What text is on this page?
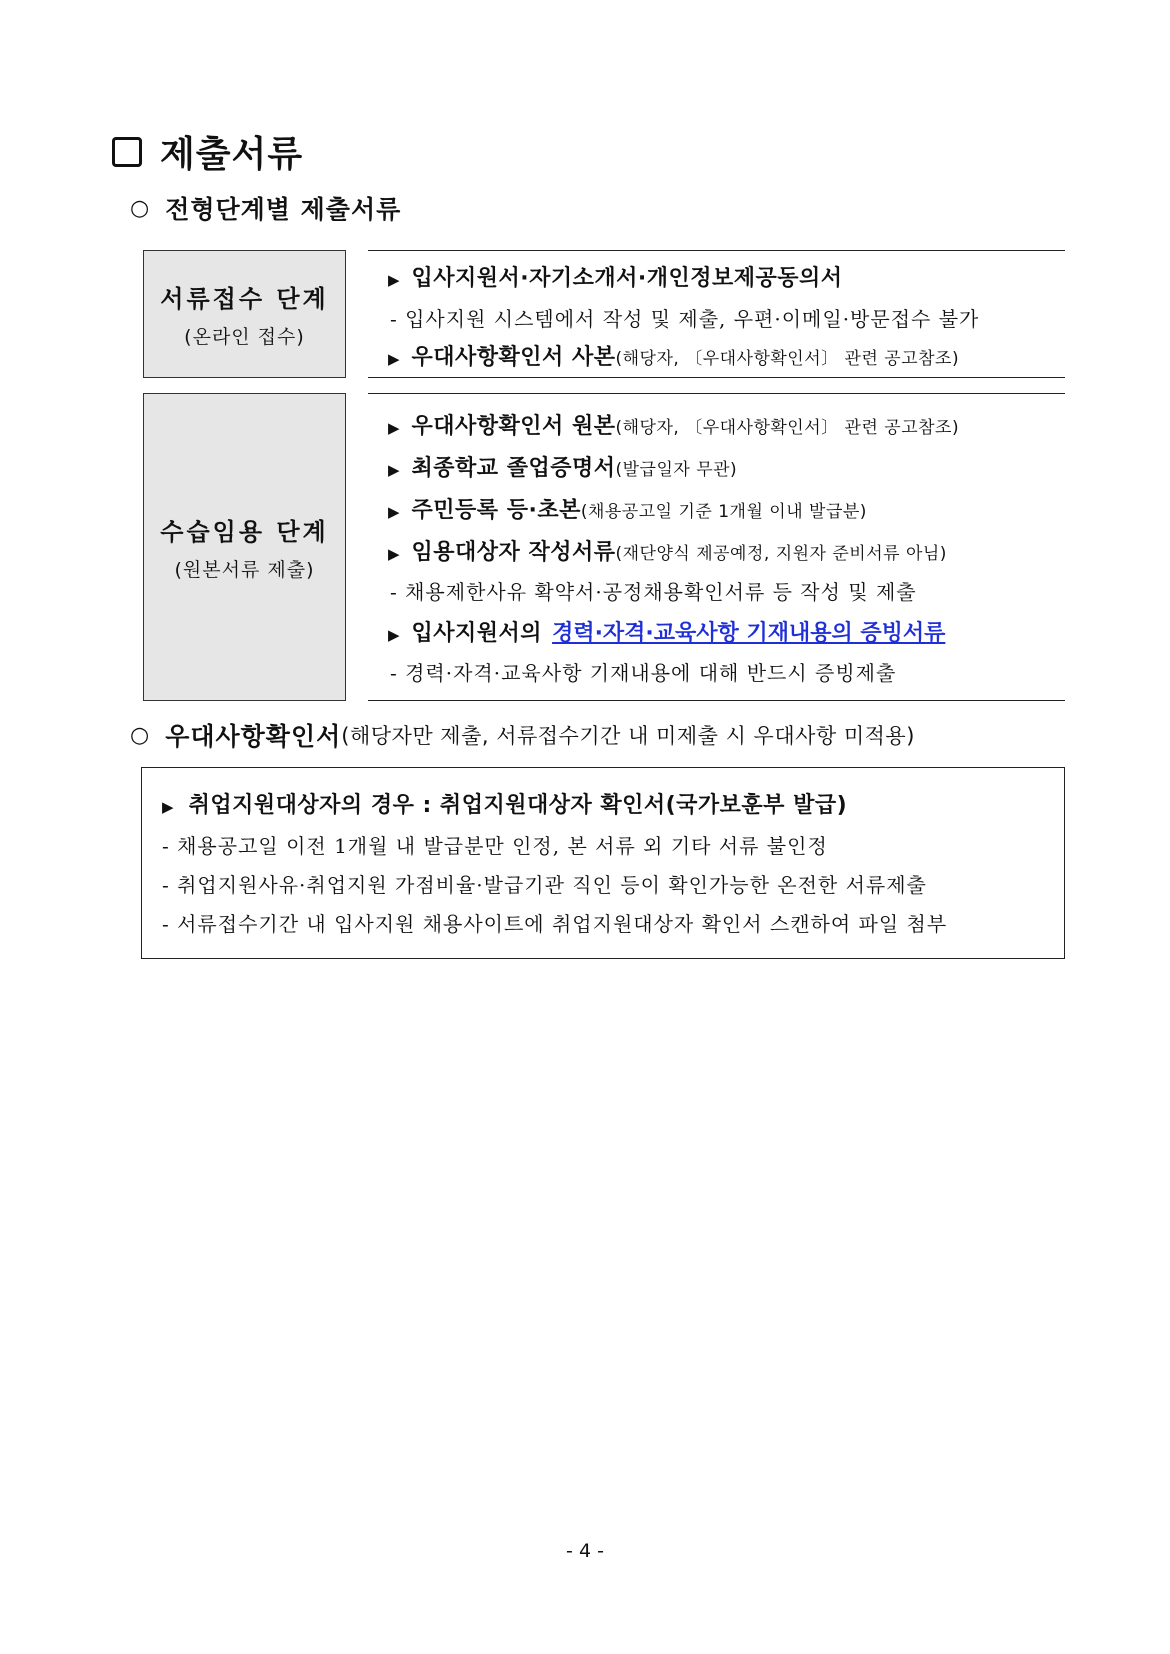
제출서류
○ 전형단계별 제출서류
서류접수 단계
(온라인 접수)
▶ 입사지원서·자기소개서·개인정보제공동의서
- 입사지원 시스템에서 작성 및 제출, 우편·이메일·방문접수 불가
▶ 우대사항확인서 사본 (해당자, 〔우대사항확인서〕 관련 공고참조)
수습임용 단계
(원본서류 제출)
▶ 우대사항확인서 원본 (해당자, 〔우대사항확인서〕 관련 공고참조)
▶ 최종학교 졸업증명서 (발급일자 무관)
▶ 주민등록 등·초본 (채용공고일 기준 1개월 이내 발급분)
▶ 임용대상자 작성서류 (재단양식 제공예정, 지원자 준비서류 아님)
- 채용제한사유 확약서·공정채용확인서류 등 작성 및 제출
▶ 입사지원서의 경력·자격·교육사항 기재내용의 증빙서류
- 경력·자격·교육사항 기재내용에 대해 반드시 증빙제출
○ 우대사항확인서 (해당자만 제출, 서류접수기간 내 미제출 시 우대사항 미적용)
▶ 취업지원대상자의 경우 : 취업지원대상자 확인서(국가보훈부 발급)
- 채용공고일 이전 1개월 내 발급분만 인정, 본 서류 외 기타 서류 불인정
- 취업지원사유·취업지원 가점비율·발급기관 직인 등이 확인가능한 온전한 서류제출
- 서류접수기간 내 입사지원 채용사이트에 취업지원대상자 확인서 스캔하여 파일 첨부
- 4 -
